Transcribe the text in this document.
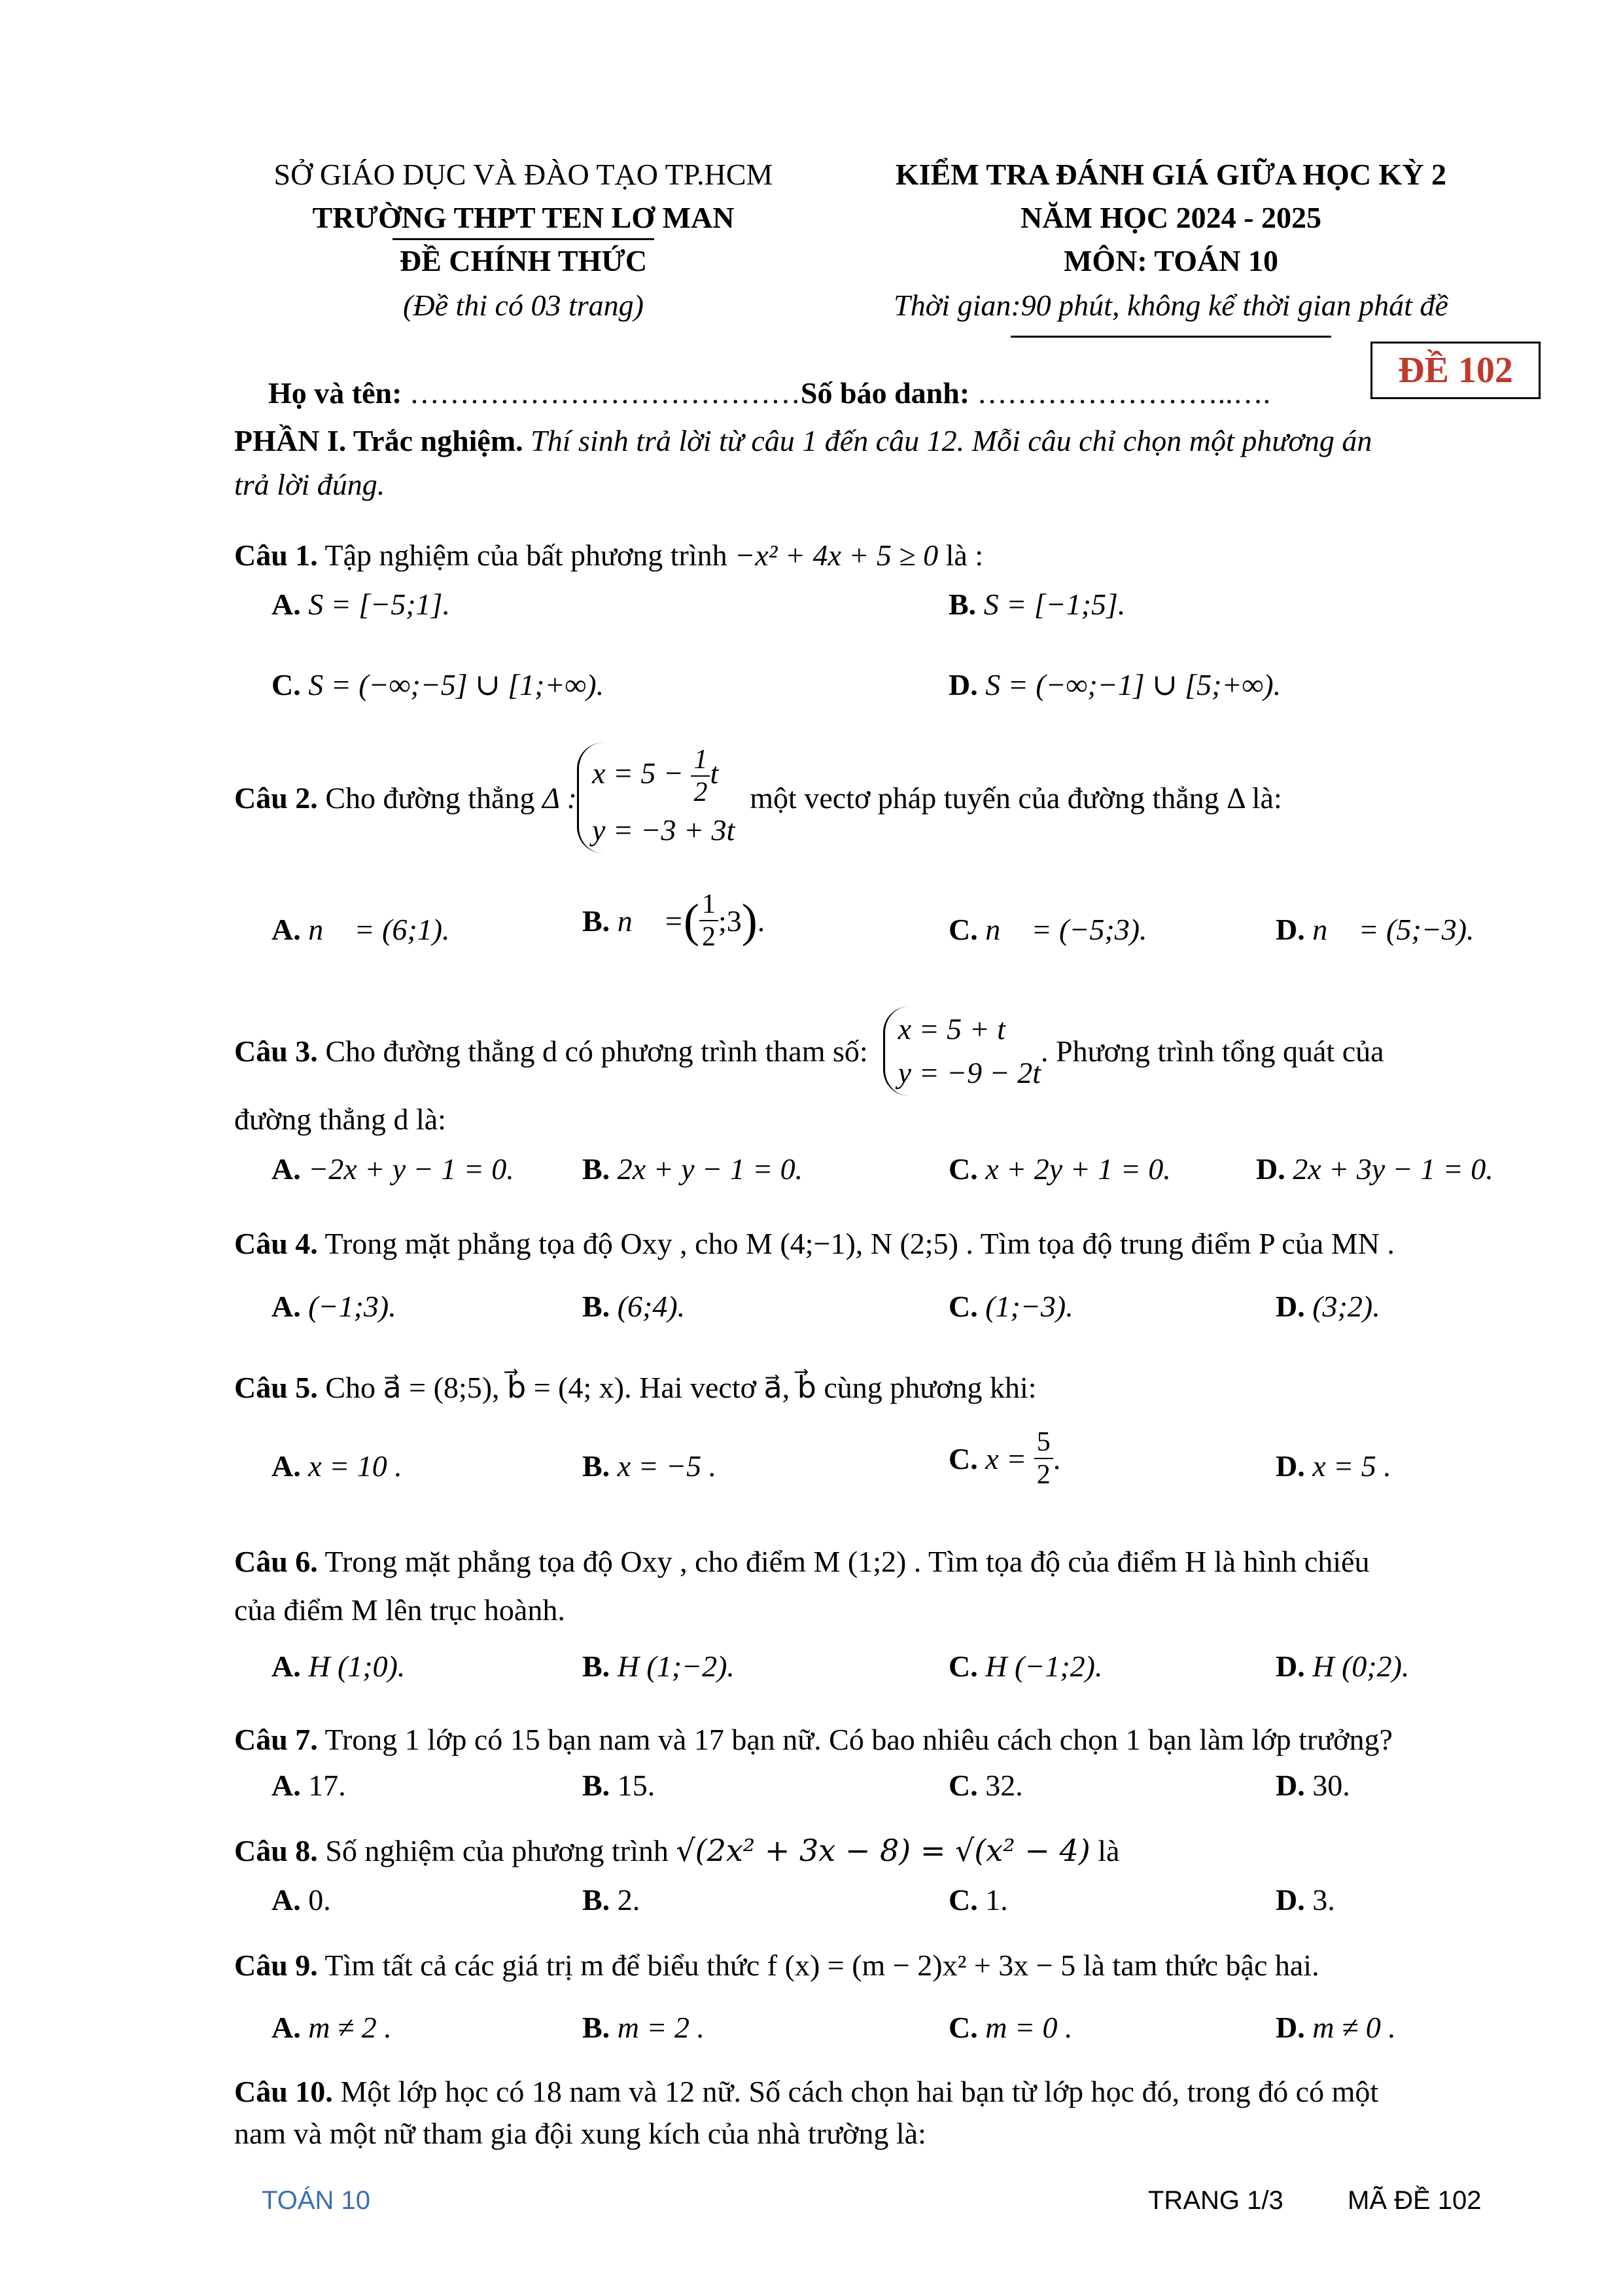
SỞ GIÁO DỤC VÀ ĐÀO TẠO TP.HCM
TRƯỜNG THPT TEN LƠ MAN
ĐỀ CHÍNH THỨC
(Đề thi có 03 trang)
KIỂM TRA ĐÁNH GIÁ GIỮA HỌC KỲ 2
NĂM HỌC 2024 - 2025
MÔN: TOÁN 10
Thời gian:90 phút, không kể thời gian phát đề
Họ và tên: …………………………………Số báo danh: ……………………..….
ĐỀ 102
PHẦN I. Trắc nghiệm. Thí sinh trả lời từ câu 1 đến câu 12. Mỗi câu chỉ chọn một phương án
trả lời đúng.
Câu 1. Tập nghiệm của bất phương trình −x² + 4x + 5 ≥ 0 là :
A. S = [−5;1].	B. S = [−1;5].
C. S = (−∞;−5] ∪ [1;+∞).	D. S = (−∞;−1] ∪ [5;+∞).
Câu 2.
Cho đường thẳng
Δ :
$x = 5 - \frac{1}{2}$ t
y = −3 + 3t

một vectơ pháp tuyến của đường thẳng Δ là:
A. n⃗ = (6;1).	B.
n⃗ = ( $\frac{1}{2}$ ;3 ) .	C. n⃗ = (−5;3).	D. n⃗ = (5;−3).
Câu 3.
Cho đường thẳng d có phương trình tham số:

x = 5 + t
y = −9 − 2t
. Phương trình tổng quát của
đường thẳng d là:
A. −2x + y − 1 = 0. B. 2x + y − 1 = 0.	C. x + 2y + 1 = 0.	D. 2x + 3y − 1 = 0.
Câu 4. Trong mặt phẳng tọa độ Oxy , cho M (4;−1), N (2;5) . Tìm tọa độ trung điểm P của MN .
A. (−1;3).	B. (6;4).	C. (1;−3).	D. (3;2).
Câu 5. Cho a⃗ = (8;5), b⃗ = (4; x). Hai vectơ a⃗, b⃗ cùng phương khi:
A. x = 10 .	B. x = −5 .	C.
x =
$\frac{5}{2}$ .	D. x = 5 .
Câu 6. Trong mặt phẳng tọa độ Oxy , cho điểm M (1;2) . Tìm tọa độ của điểm H là hình chiếu
của điểm M lên trục hoành.
A. H (1;0).	B. H (1;−2).	C. H (−1;2).	D. H (0;2).
Câu 7. Trong 1 lớp có 15 bạn nam và 17 bạn nữ. Có bao nhiêu cách chọn 1 bạn làm lớp trưởng?
A. 17.	B. 15.	C. 32.	D. 30.
Câu 8. Số nghiệm của phương trình √(2x² + 3x − 8) = √(x² − 4) là
A. 0.	B. 2.	C. 1.	D. 3.
Câu 9. Tìm tất cả các giá trị m để biểu thức f (x) = (m − 2)x² + 3x − 5 là tam thức bậc hai.
A. m ≠ 2 .	B. m = 2 .	C. m = 0 .	D. m ≠ 0 .
Câu 10. Một lớp học có 18 nam và 12 nữ. Số cách chọn hai bạn từ lớp học đó, trong đó có một
nam và một nữ tham gia đội xung kích của nhà trường là:
TOÁN 10	TRANG 1/3 MÃ ĐỀ 102
